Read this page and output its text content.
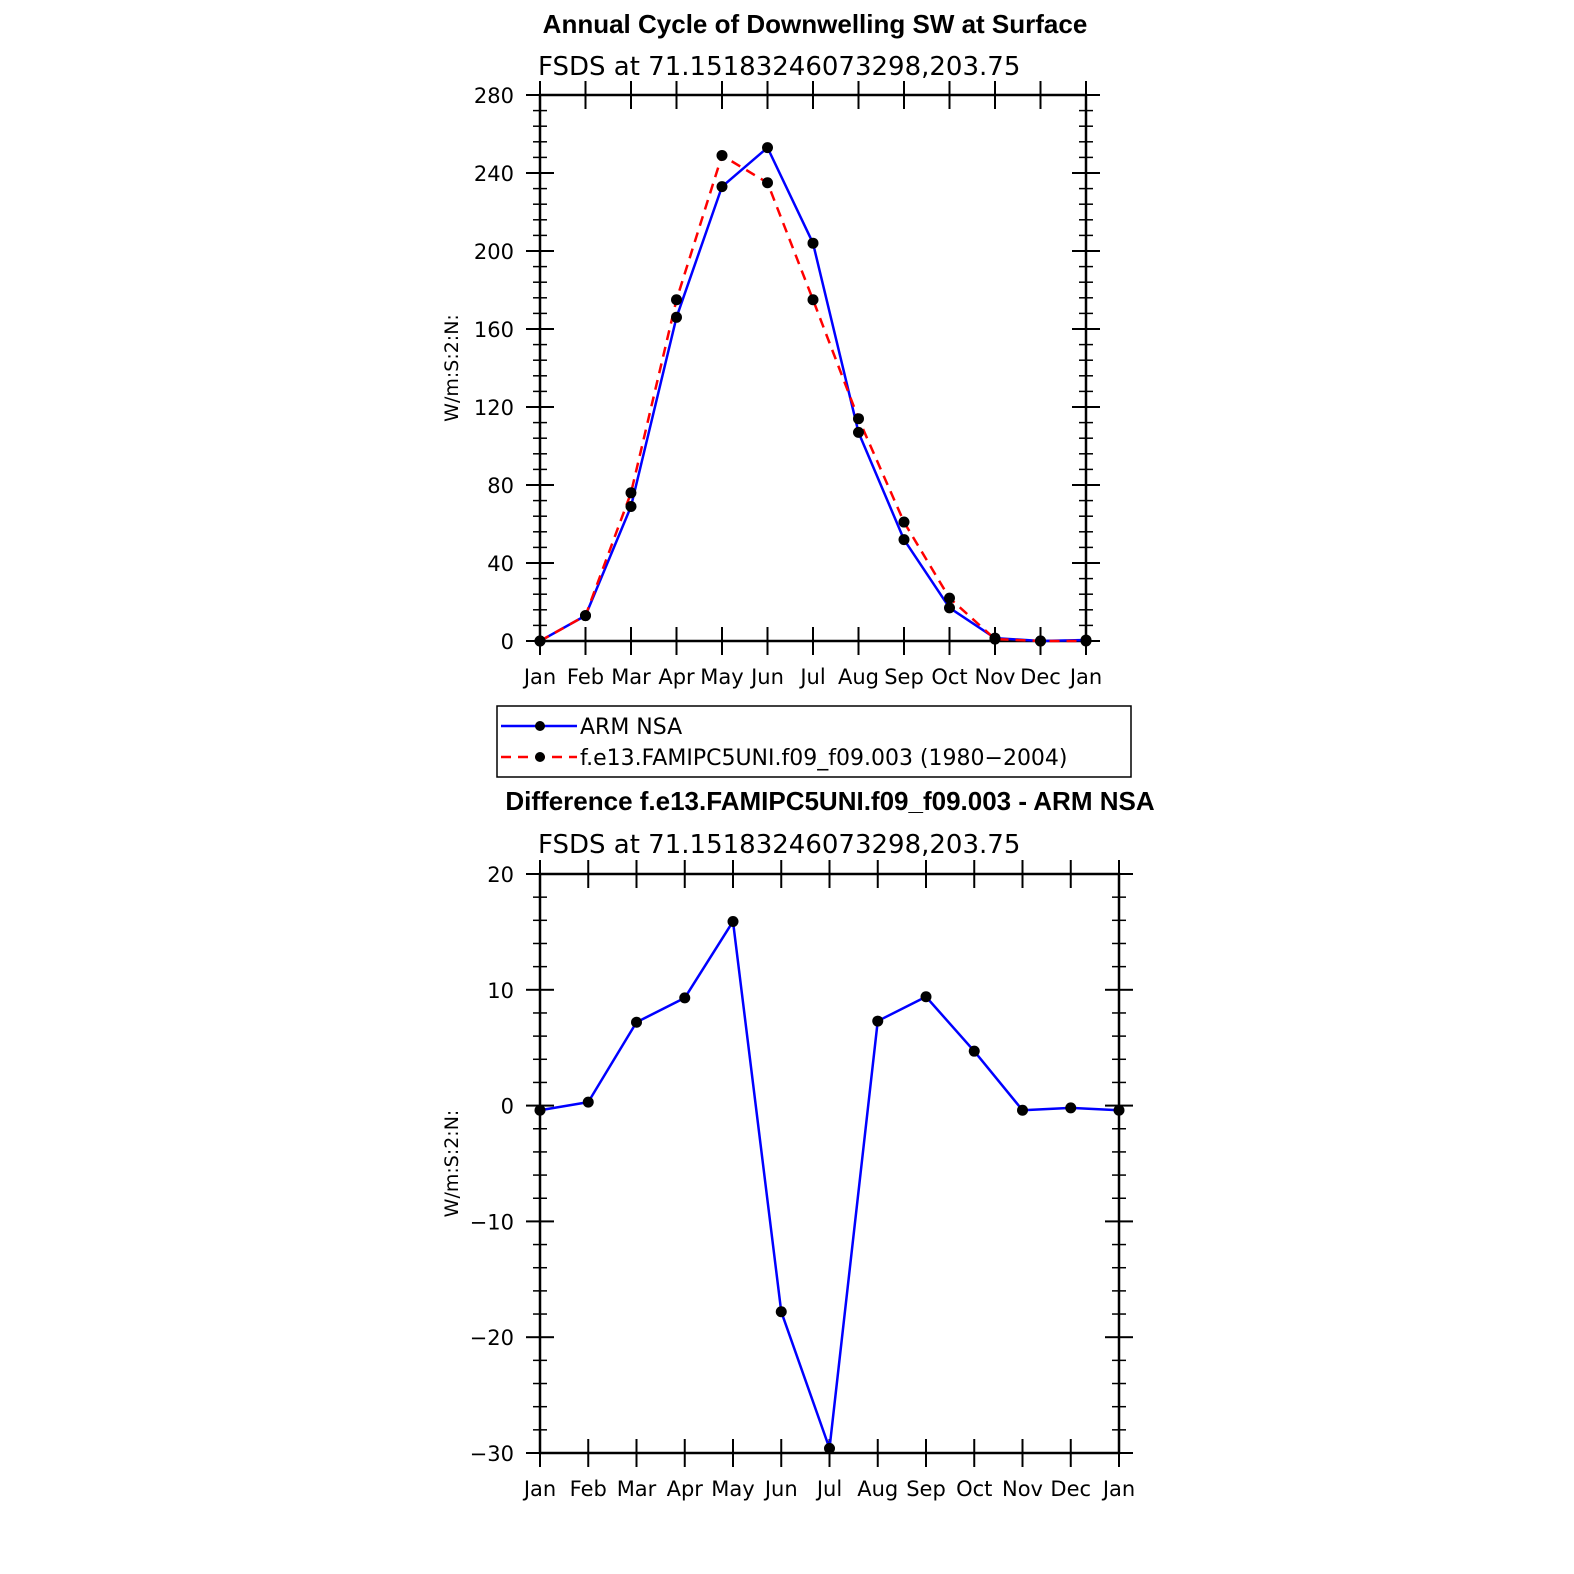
Annual Cycle of Downwelling SW at Surface
FSDS at 71.15183246073298,203.75
0
40
80
120
160
200
240
280
Jan Feb Mar Apr May Jun Jul Aug Sep Oct Nov Dec Jan
W/m:S:2:N:
ARM NSA
f.e13.FAMIPC5UNI.f09_f09.003 (1980−2004)
Difference f.e13.FAMIPC5UNI.f09_f09.003 - ARM NSA
FSDS at 71.15183246073298,203.75
−30
−20
−10
0
10
20
Jan Feb Mar Apr May Jun Jul Aug Sep Oct Nov Dec Jan
W/m:S:2:N:
